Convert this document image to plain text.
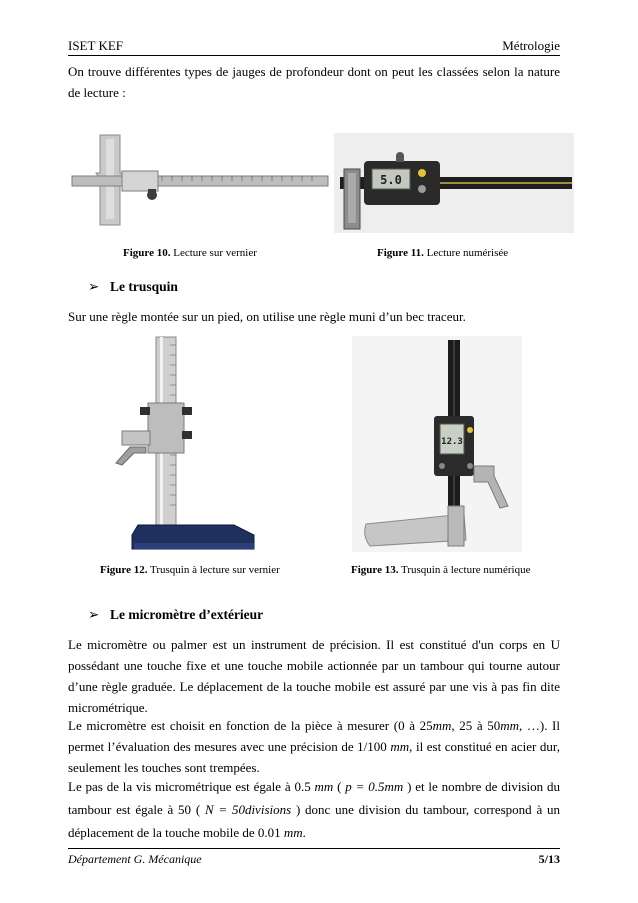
ISET KEF	Métrologie
On trouve différentes types de jauges de profondeur dont on peut les classées selon la nature de lecture :
5.0
Figure 10. Lecture sur vernier	Figure 11. Lecture numérisée
➢ Le trusquin
Sur une règle montée sur un pied, on utilise une règle muni d’un bec traceur.
12.3
Figure 12. Trusquin à lecture sur vernier	Figure 13. Trusquin à lecture numérique
➢ Le micromètre d’extérieur
Le micromètre ou palmer est un instrument de précision. Il est constitué d'un corps en U possédant une touche fixe et une touche mobile actionnée par un tambour qui tourne autour d’une règle graduée. Le déplacement de la touche mobile est assuré par une vis à pas fin dite micrométrique.
Le micromètre est choisit en fonction de la pièce à mesurer (0 à 25mm, 25 à 50mm, …). Il permet l’évaluation des mesures avec une précision de 1/100 mm, il est constitué en acier dur, seulement les touches sont trempées.
Le pas de la vis micrométrique est égale à 0.5 mm ( p = 0.5mm ) et le nombre de division du tambour est égale à 50 ( N = 50divisions ) donc une division du tambour, correspond à un déplacement de la touche mobile de 0.01 mm.
Département G. Mécanique	5/13
